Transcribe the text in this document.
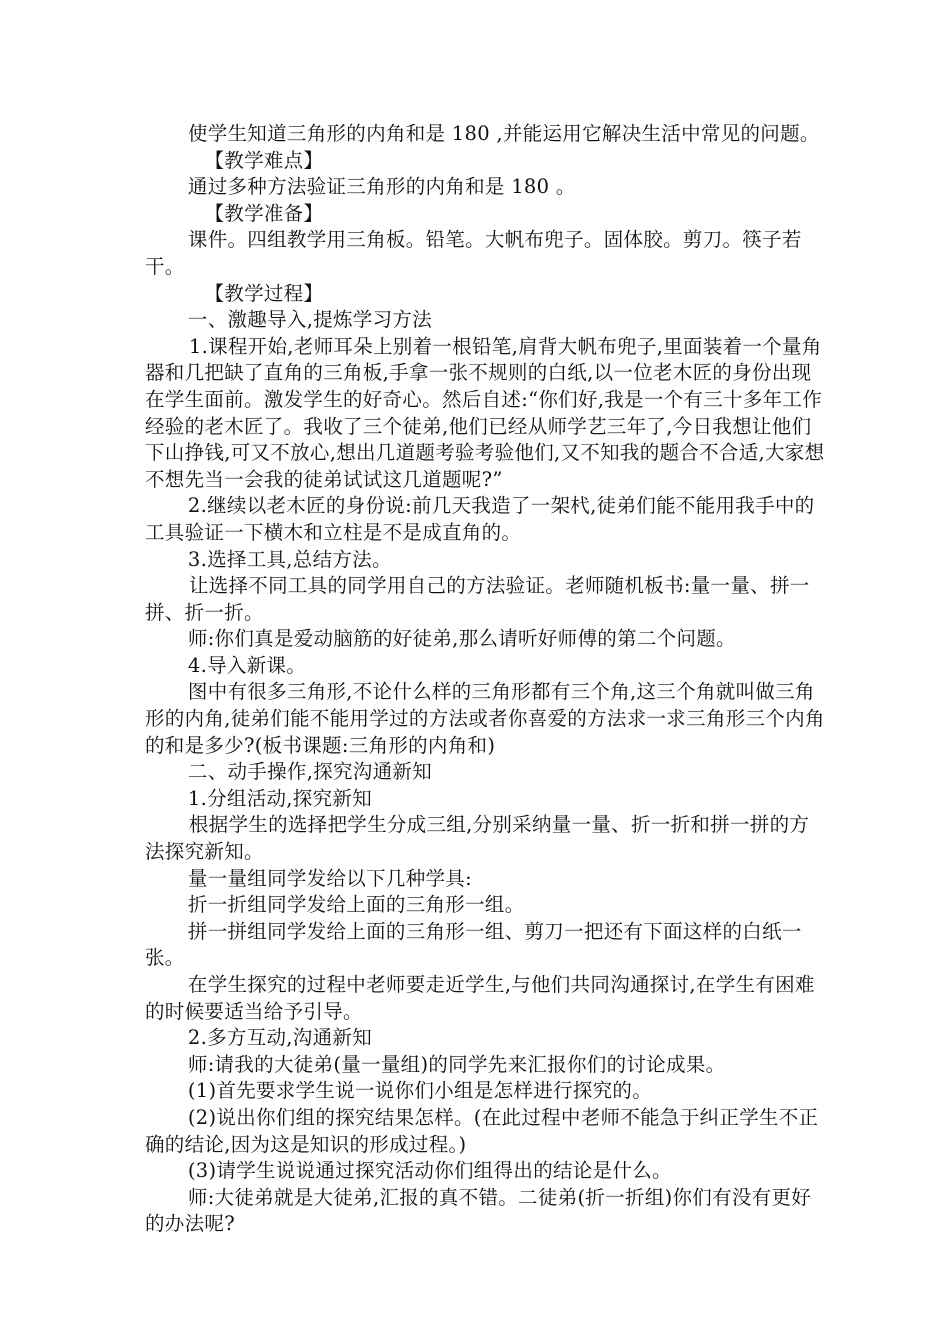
使学生知道三角形的内角和是 180 ,并能运用它解决生活中常见的问题。

【教学难点】

通过多种方法验证三角形的内角和是 180 。

【教学准备】

课件。四组教学用三角板。铅笔。大帆布兜子。固体胶。剪刀。筷子若干。

【教学过程】

一、激趣导入,提炼学习方法

1.课程开始,老师耳朵上别着一根铅笔,肩背大帆布兜子,里面装着一个量角器和几把缺了直角的三角板,手拿一张不规则的白纸,以一位老木匠的身份出现在学生面前。激发学生的好奇心。然后自述:“你们好,我是一个有三十多年工作经验的老木匠了。我收了三个徒弟,他们已经从师学艺三年了,今日我想让他们下山挣钱,可又不放心,想出几道题考验考验他们,又不知我的题合不合适,大家想不想先当一会我的徒弟试试这几道题呢?”

2.继续以老木匠的身份说:前几天我造了一架杙,徒弟们能不能用我手中的工具验证一下横木和立柱是不是成直角的。

3.选择工具,总结方法。

让选择不同工具的同学用自己的方法验证。老师随机板书:量一量、拼一拼、折一折。

师:你们真是爱动脑筋的好徒弟,那么请听好师傅的第二个问题。

4.导入新课。

图中有很多三角形,不论什么样的三角形都有三个角,这三个角就叫做三角形的内角,徒弟们能不能用学过的方法或者你喜爱的方法求一求三角形三个内角的和是多少?(板书课题:三角形的内角和)

二、动手操作,探究沟通新知

1.分组活动,探究新知

根据学生的选择把学生分成三组,分别采纳量一量、折一折和拼一拼的方法探究新知。

量一量组同学发给以下几种学具:

折一折组同学发给上面的三角形一组。

拼一拼组同学发给上面的三角形一组、剪刀一把还有下面这样的白纸一张。

在学生探究的过程中老师要走近学生,与他们共同沟通探讨,在学生有困难的时候要适当给予引导。

2.多方互动,沟通新知

师:请我的大徒弟(量一量组)的同学先来汇报你们的讨论成果。

(1)首先要求学生说一说你们小组是怎样进行探究的。

(2)说出你们组的探究结果怎样。(在此过程中老师不能急于纠正学生不正确的结论,因为这是知识的形成过程。)

(3)请学生说说通过探究活动你们组得出的结论是什么。

师:大徒弟就是大徒弟,汇报的真不错。二徒弟(折一折组)你们有没有更好的办法呢?
